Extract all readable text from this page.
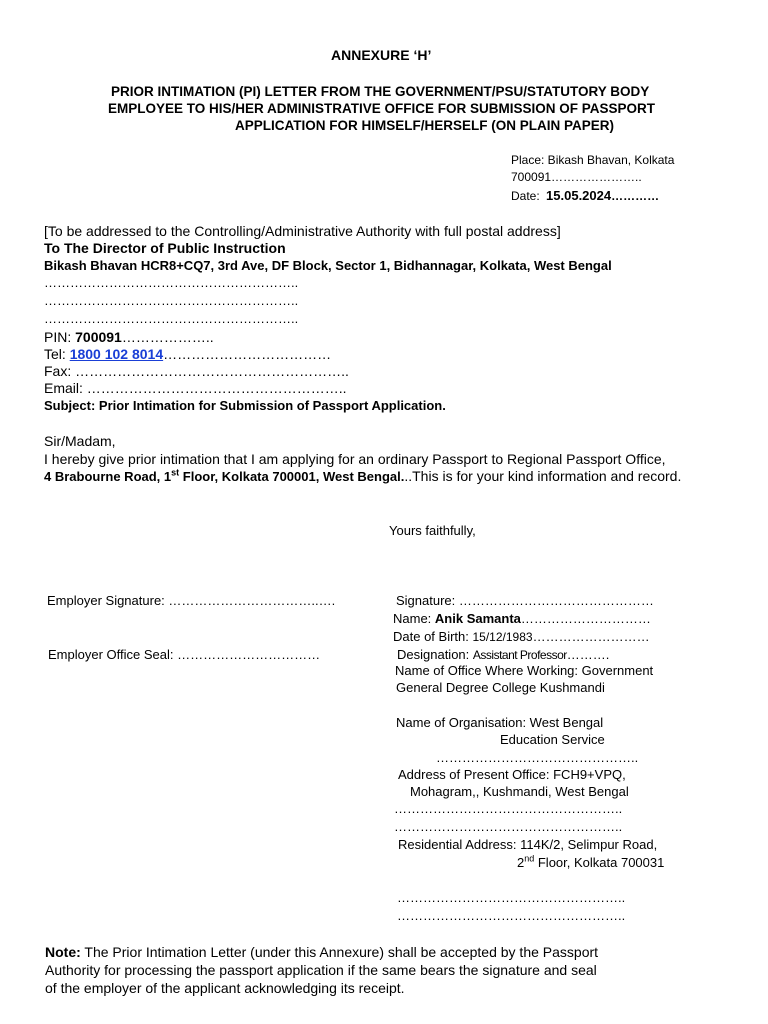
ANNEXURE ‘H’
PRIOR INTIMATION (PI) LETTER FROM THE GOVERNMENT/PSU/STATUTORY BODY
EMPLOYEE TO HIS/HER ADMINISTRATIVE OFFICE FOR SUBMISSION OF PASSPORT
APPLICATION FOR HIMSELF/HERSELF (ON PLAIN PAPER)
Place: Bikash Bhavan, Kolkata
700091…………………..
Date: 15.05.2024…………
[To be addressed to the Controlling/Administrative Authority with full postal address]
To The Director of Public Instruction
Bikash Bhavan HCR8+CQ7, 3rd Ave, DF Block, Sector 1, Bidhannagar, Kolkata, West Bengal
…………………………………………………..
…………………………………………………..
…………………………………………………..
PIN: 700091………………..
Tel: 1800 102 8014………………………………
Fax: …………………………………………………..
Email: ………………………………………………..
Subject: Prior Intimation for Submission of Passport Application.
Sir/Madam,
I hereby give prior intimation that I am applying for an ordinary Passport to Regional Passport Office,
4 Brabourne Road, 1st Floor, Kolkata 700001, West Bengal...This is for your kind information and record.
Yours faithfully,
Employer Signature: ……………………………..….
Employer Office Seal: ……………………………
Signature: ………………………………………
Name: Anik Samanta…………………………
Date of Birth: 15/12/1983………………………
Designation: Assistant Professor……….
Name of Office Where Working: Government
General Degree College Kushmandi
Name of Organisation: West Bengal
Education Service
………………………………………..
Address of Present Office: FCH9+VPQ,
Mohagram,, Kushmandi, West Bengal
……………………………………………..
……………………………………………..
Residential Address: 114K/2, Selimpur Road,
2nd Floor, Kolkata 700031
……………………………………………..
……………………………………………..
Note: The Prior Intimation Letter (under this Annexure) shall be accepted by the Passport
Authority for processing the passport application if the same bears the signature and seal
of the employer of the applicant acknowledging its receipt.
